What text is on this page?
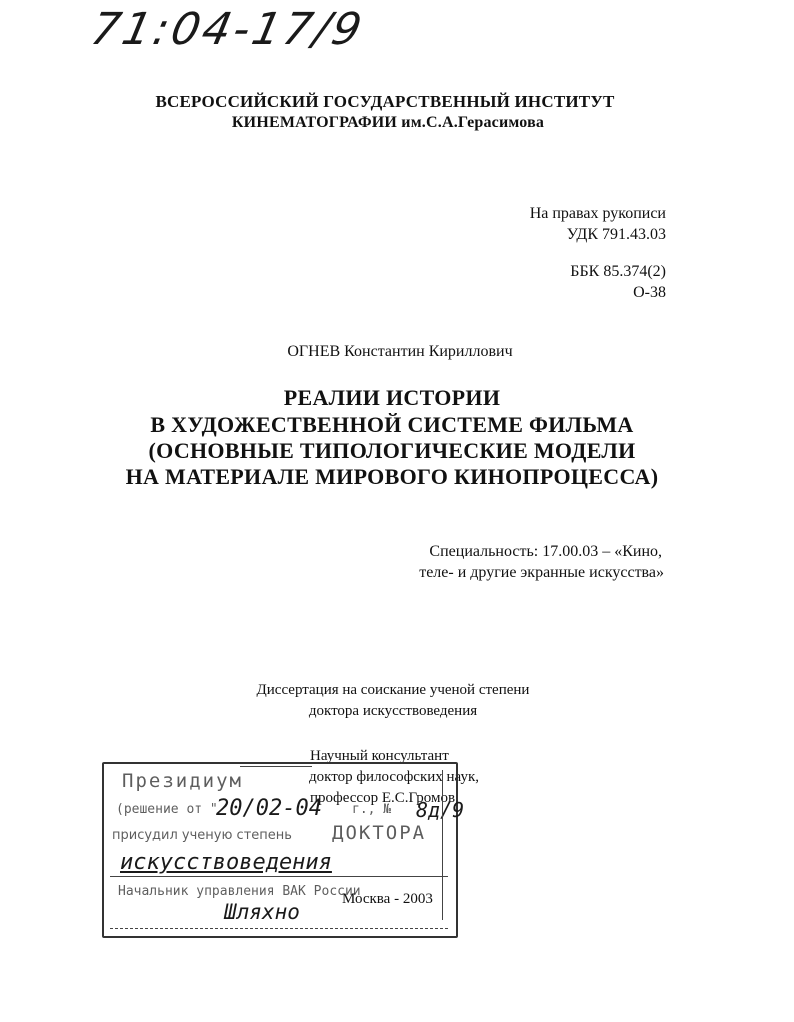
71:04-17/9
ВСЕРОССИЙСКИЙ ГОСУДАРСТВЕННЫЙ ИНСТИТУТ
КИНЕМАТОГРАФИИ им.С.А.Герасимова
На правах рукописи
УДК 791.43.03
ББК 85.374(2)
О-38
ОГНЕВ Константин Кириллович
РЕАЛИИ ИСТОРИИ
В ХУДОЖЕСТВЕННОЙ СИСТЕМЕ ФИЛЬМА
(ОСНОВНЫЕ ТИПОЛОГИЧЕСКИЕ МОДЕЛИ
НА МАТЕРИАЛЕ МИРОВОГО КИНОПРОЦЕССА)
Специальность: 17.00.03 – «Кино,
теле- и другие экранные искусства»
Диссертация на соискание ученой степени
доктора искусствоведения
Научный консультант
доктор философских наук,
профессор Е.С.Громов
Президиум
(решение от "
20/02-04 г., № 8д/9
присудил ученую степень ДОКТОРА
искусствоведения
Начальник управления ВАК России
Шляхно
Москва - 2003
